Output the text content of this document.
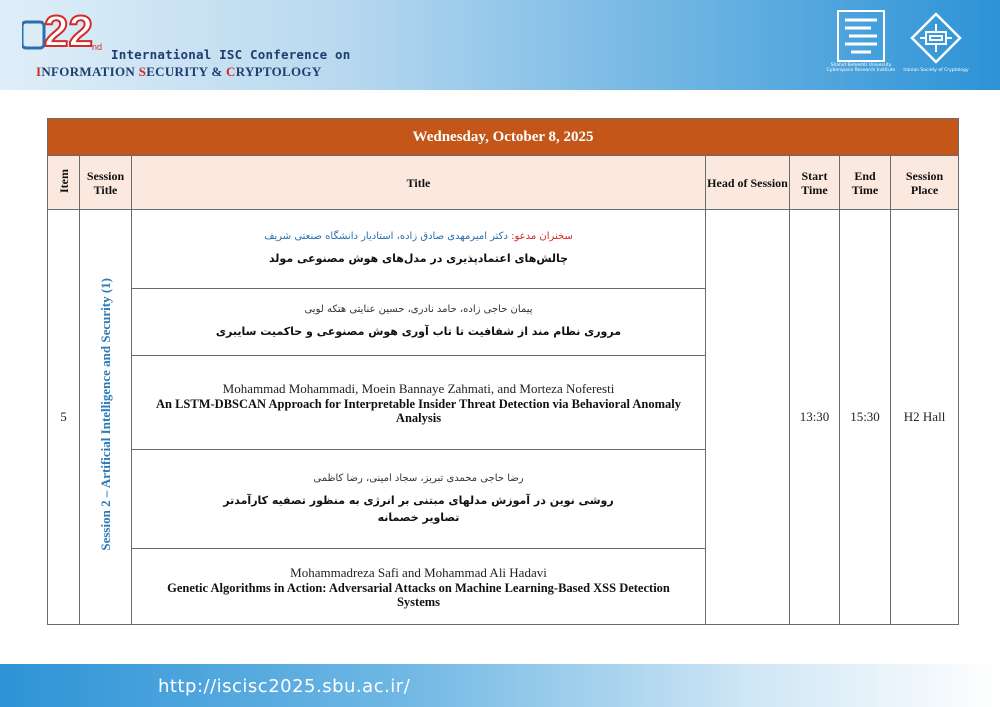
22 nd International ISC Conference on
INFORMATION SECURITY & CRYPTOLOGY	Shahid Beheshti University Cyberspace Research Institute	Iranian Society of Cryptology
Wednesday, October 8, 2025						
Item	Session Title	Title	Head of Session	Start Time	End Time	Session Place
5	Session 2 – Artificial Intelligence and Security (1)	سخنران مدعو: دکتر امیرمهدی صادق زاده، استادیار دانشگاه صنعتی شریف
چالش‌های اعتمادپذیری در مدل‌های هوش مصنوعی مولد		13:30	15:30	H2 Hall

		پیمان حاجی زاده، حامد نادری، حسین عنایتی هتکه لویی
مروری نظام مند از شفافیت تا تاب آوری هوش مصنوعی و حاکمیت سایبری				

		Mohammad Mohammadi, Moein Bannaye Zahmati, and Morteza Noferesti
An LSTM-DBSCAN Approach for Interpretable Insider Threat Detection via Behavioral Anomaly Analysis				

		رضا حاجی محمدی تبریز، سجاد امینی، رضا کاظمی
روشی نوین در آموزش مدلهای مبتنی بر انرژی به منظور تصفیه کارآمدتر تصاویر خصمانه				

		Mohammadreza Safi and Mohammad Ali Hadavi
Genetic Algorithms in Action: Adversarial Attacks on Machine Learning-Based XSS Detection Systems				
http://iscisc2025.sbu.ac.ir/
